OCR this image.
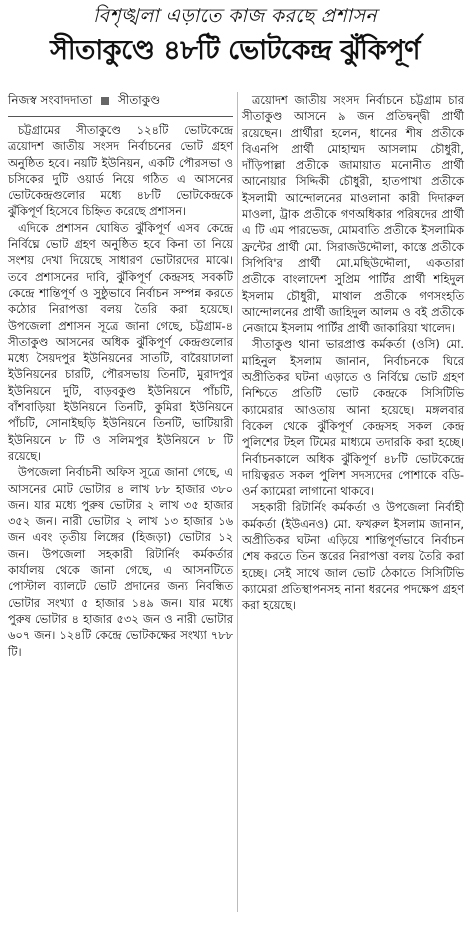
বিশৃঙ্খলা এড়াতে কাজ করছে প্রশাসন
সীতাকুণ্ডে ৪৮টি ভোটকেন্দ্র ঝুঁকিপূর্ণ
নিজস্ব সংবাদদাতা সীতাকুণ্ড

চট্টগ্রামের সীতাকুণ্ডে ১২৪টি ভোটকেন্দ্রে ত্রয়োদশ জাতীয় সংসদ নির্বাচনের ভোট গ্রহণ অনুষ্ঠিত হবে। নয়টি ইউনিয়ন, একটি পৌরসভা ও চসিকের দুটি ওয়ার্ড নিয়ে গঠিত এ আসনের ভোটকেন্দ্রগুলোর মধ্যে ৪৮টি ভোটকেন্দ্রকে ঝুঁকিপূর্ণ হিসেবে চিহ্নিত করেছে প্রশাসন।

এদিকে প্রশাসন ঘোষিত ঝুঁকিপূর্ণ এসব কেন্দ্রে নির্বিঘ্নে ভোট গ্রহণ অনুষ্ঠিত হবে কিনা তা নিয়ে সংশয় দেখা দিয়েছে সাধারণ ভোটারদের মাঝে। তবে প্রশাসনের দাবি, ঝুঁকিপূর্ণ কেন্দ্রসহ সবকটি কেন্দ্রে শান্তিপূর্ণ ও সুষ্ঠুভাবে নির্বাচন সম্পন্ন করতে কঠোর নিরাপত্তা বলয় তৈরি করা হয়েছে। উপজেলা প্রশাসন সূত্রে জানা গেছে, চট্টগ্রাম-৪ সীতাকুণ্ড আসনের অধিক ঝুঁকিপূর্ণ কেন্দ্রগুলোর মধ্যে সৈয়দপুর ইউনিয়নের সাতটি, বারৈয়াঢালা ইউনিয়নের চারটি, পৌরসভায় তিনটি, মুরাদপুর ইউনিয়নে দুটি, বাড়বকুণ্ড ইউনিয়নে পাঁচটি, বাঁশবাড়িয়া ইউনিয়নে তিনটি, কুমিরা ইউনিয়নে পাঁচটি, সোনাইছড়ি ইউনিয়নে তিনটি, ভাটিয়ারী ইউনিয়নে ৮ টি ও সলিমপুর ইউনিয়নে ৮ টি রয়েছে।

উপজেলা নির্বাচনী অফিস সূত্রে জানা গেছে, এ আসনের মোট ভোটার ৪ লাখ ৮৮ হাজার ৩৮০ জন। যার মধ্যে পুরুষ ভোটার ২ লাখ ৩৫ হাজার ৩৫২ জন। নারী ভোটার ২ লাখ ১৩ হাজার ১৬ জন এবং তৃতীয় লিঙ্গের (হিজড়া) ভোটার ১২ জন। উপজেলা সহকারী রিটার্নিং কর্মকর্তার কার্যালয় থেকে জানা গেছে, এ আসনটিতে পোস্টাল ব্যালটে ভোট প্রদানের জন্য নিবন্ধিত ভোটার সংখ্যা ৫ হাজার ১৪৯ জন। যার মধ্যে পুরুষ ভোটার ৪ হাজার ৫৩২ জন ও নারী ভোটার ৬০৭ জন। ১২৪টি কেন্দ্রে ভোটকক্ষের সংখ্যা ৭৮৮ টি।

ত্রয়োদশ জাতীয় সংসদ নির্বাচনে চট্টগ্রাম চার সীতাকুণ্ড আসনে ৯ জন প্রতিদ্বন্দ্বী প্রার্থী রয়েছেন। প্রার্থীরা হলেন, ধানের শীষ প্রতীকে বিএনপি প্রার্থী মোহাম্মদ আসলাম চৌধুরী, দাঁড়িপাল্লা প্রতীকে জামায়াত মনোনীত প্রার্থী আনোয়ার সিদ্দিকী চৌধুরী, হাতপাখা প্রতীকে ইসলামী আন্দোলনের মাওলানা কারী দিদারুল মাওলা, ট্রাক প্রতীকে গণঅধিকার পরিষদের প্রার্থী এ টি এম পারভেজ, মোমবাতি প্রতীকে ইসলামিক ফ্রন্টের প্রার্থী মো. সিরাজউদ্দৌলা, কাস্তে প্রতীকে সিপিবি'র প্রার্থী মো.মছিউদ্দৌলা, একতারা প্রতীকে বাংলাদেশ সুপ্রিম পার্টির প্রার্থী শহিদুল ইসলাম চৌধুরী, মাথাল প্রতীকে গণসংহতি আন্দোলনের প্রার্থী জাহিদুল আলম ও বই প্রতীকে নেজামে ইসলাম পার্টির প্রার্থী জাকারিয়া খালেদ।

সীতাকুণ্ড থানা ভারপ্রাপ্ত কর্মকর্তা (ওসি) মো. মাহিনুল ইসলাম জানান, নির্বাচনকে ঘিরে অপ্রীতিকর ঘটনা এড়াতে ও নির্বিঘ্নে ভোট গ্রহণ নিশ্চিতে প্রতিটি ভোট কেন্দ্রকে সিসিটিভি ক্যামেরার আওতায় আনা হয়েছে। মঙ্গলবার বিকেল থেকে ঝুঁকিপূর্ণ কেন্দ্রসহ সকল কেন্দ্র পুলিশের টহল টিমের মাধ্যমে তদারকি করা হচ্ছে। নির্বাচনকালে অধিক ঝুঁকিপূর্ণ ৪৮টি ভোটকেন্দ্রে দায়িত্বরত সকল পুলিশ সদস্যদের পোশাকে বডি-ওর্ন ক্যামেরা লাগানো থাকবে।

সহকারী রিটার্নিং কর্মকর্তা ও উপজেলা নির্বাহী কর্মকর্তা (ইউএনও) মো. ফখরুল ইসলাম জানান, অপ্রীতিকর ঘটনা এড়িয়ে শান্তিপূর্ণভাবে নির্বাচন শেষ করতে তিন স্তরের নিরাপত্তা বলয় তৈরি করা হচ্ছে। সেই সাথে জাল ভোট ঠেকাতে সিসিটিভি ক্যামেরা প্রতিস্থাপনসহ নানা ধরনের পদক্ষেপ গ্রহণ করা হয়েছে।
